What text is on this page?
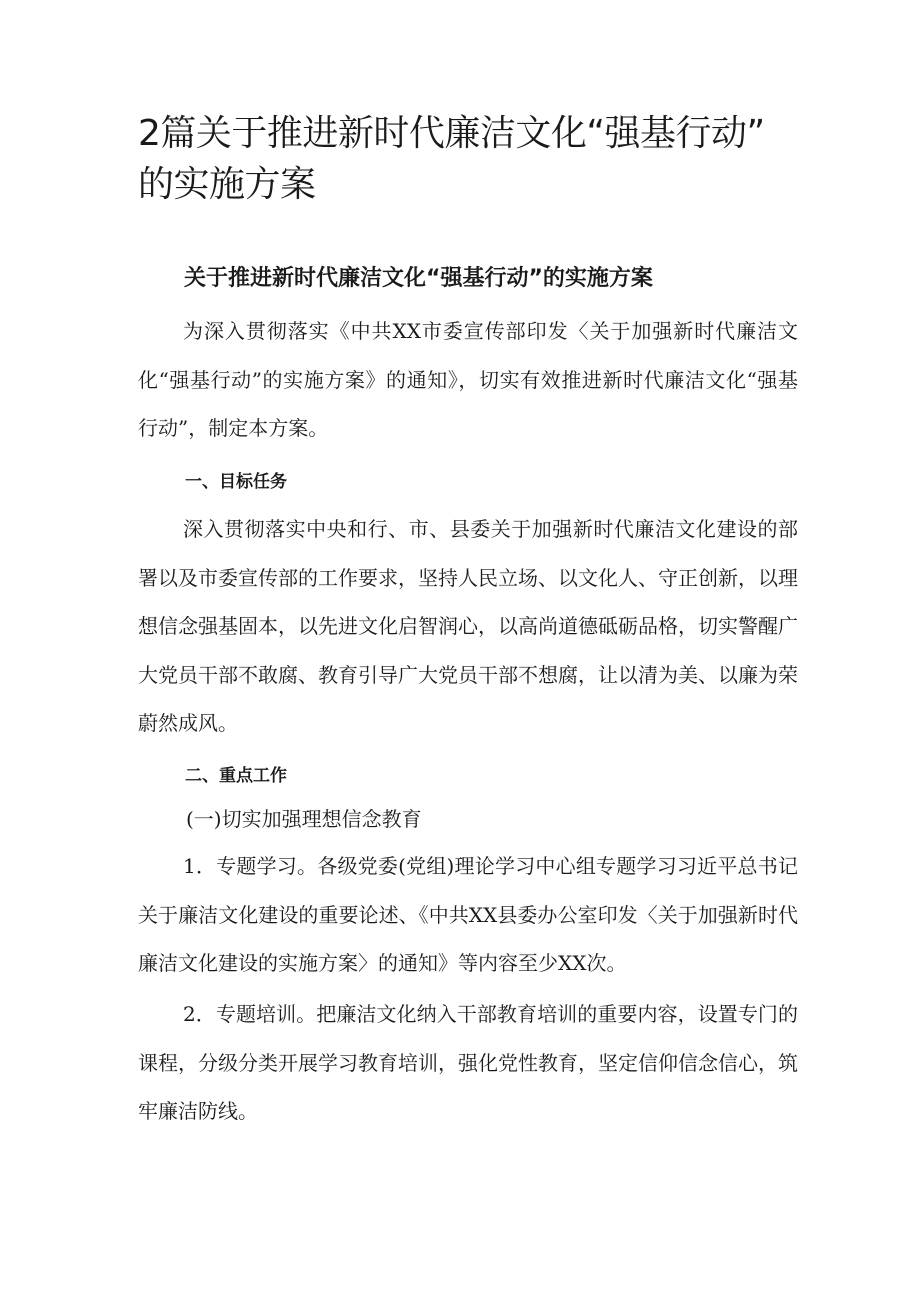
2篇关于推进新时代廉洁文化“强基行动”
的实施方案
关于推进新时代廉洁文化“强基行动”的实施方案

为深入贯彻落实《中共XX市委宣传部印发〈关于加强新时代廉洁文化“强基行动”的实施方案》的通知》，切实有效推进新时代廉洁文化“强基行动”，制定本方案。

一、目标任务

深入贯彻落实中央和行、市、县委关于加强新时代廉洁文化建设的部署以及市委宣传部的工作要求，坚持人民立场、以文化人、守正创新，以理想信念强基固本，以先进文化启智润心，以高尚道德砥砺品格，切实警醒广大党员干部不敢腐、教育引导广大党员干部不想腐，让以清为美、以廉为荣蔚然成风。

二、重点工作
(一)切实加强理想信念教育

1．专题学习。各级党委(党组)理论学习中心组专题学习习近平总书记关于廉洁文化建设的重要论述、《中共XX县委办公室印发〈关于加强新时代廉洁文化建设的实施方案〉的通知》等内容至少XX次。

2．专题培训。把廉洁文化纳入干部教育培训的重要内容，设置专门的课程，分级分类开展学习教育培训，强化党性教育，坚定信仰信念信心，筑牢廉洁防线。
